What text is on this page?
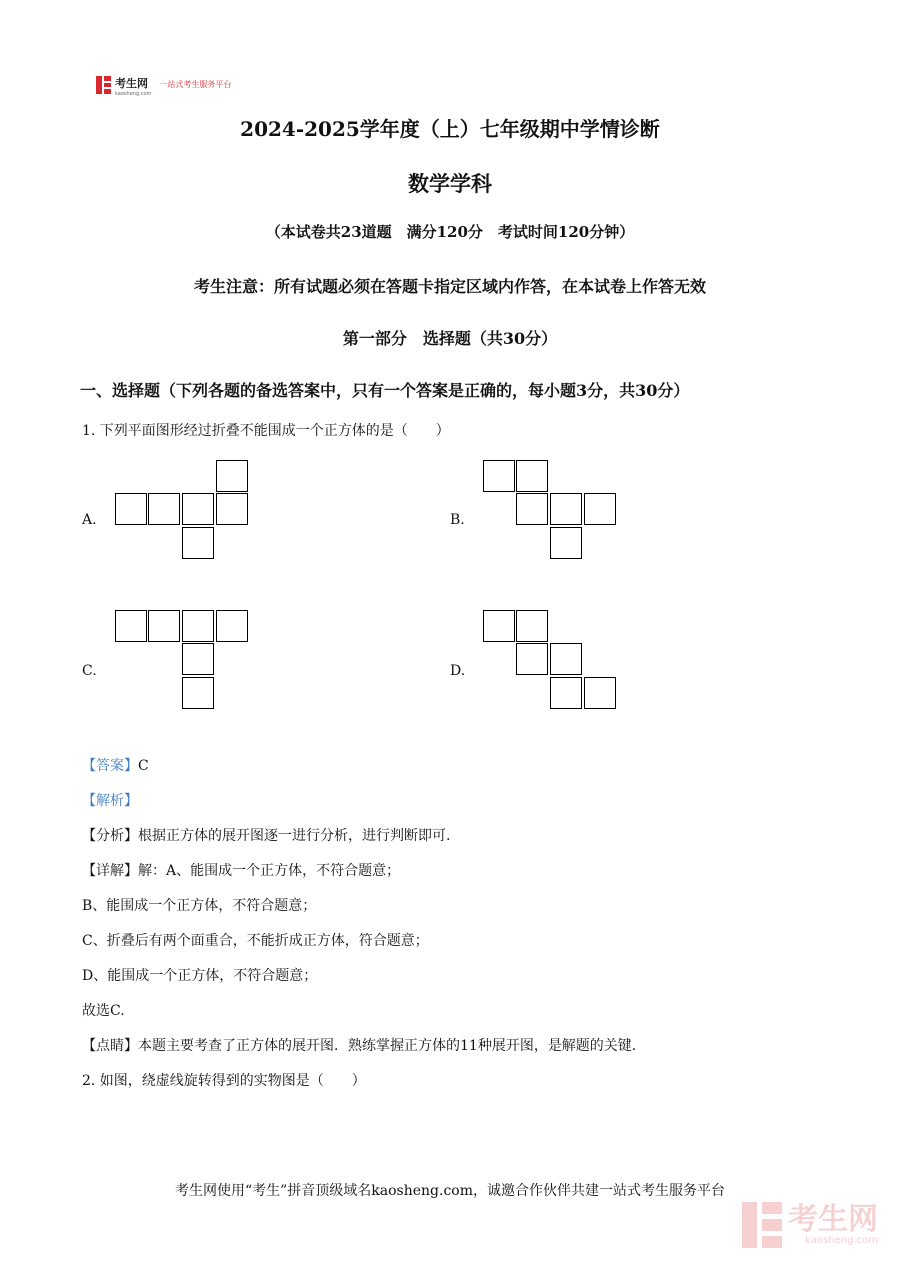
考生网
kaosheng.com
一站式考生服务平台
2024-2025学年度（上）七年级期中学情诊断
数学学科
（本试卷共23道题　满分120分　考试时间120分钟）
考生注意：所有试题必须在答题卡指定区域内作答，在本试卷上作答无效
第一部分　选择题（共30分）
一、选择题（下列各题的备选答案中，只有一个答案是正确的，每小题3分，共30分）
1. 下列平面图形经过折叠不能围成一个正方体的是（　　）
A.	B.
C.	D.
【答案】C
【解析】
【分析】根据正方体的展开图逐一进行分析，进行判断即可.
【详解】解：A、能围成一个正方体，不符合题意；
B、能围成一个正方体，不符合题意；
C、折叠后有两个面重合，不能折成正方体，符合题意；
D、能围成一个正方体，不符合题意；
故选C.
【点睛】本题主要考查了正方体的展开图．熟练掌握正方体的11种展开图，是解题的关键.
2. 如图，绕虚线旋转得到的实物图是（　　）
考生网使用“考生”拼音顶级域名kaosheng.com，诚邀合作伙伴共建一站式考生服务平台
考生网
kaosheng.com
